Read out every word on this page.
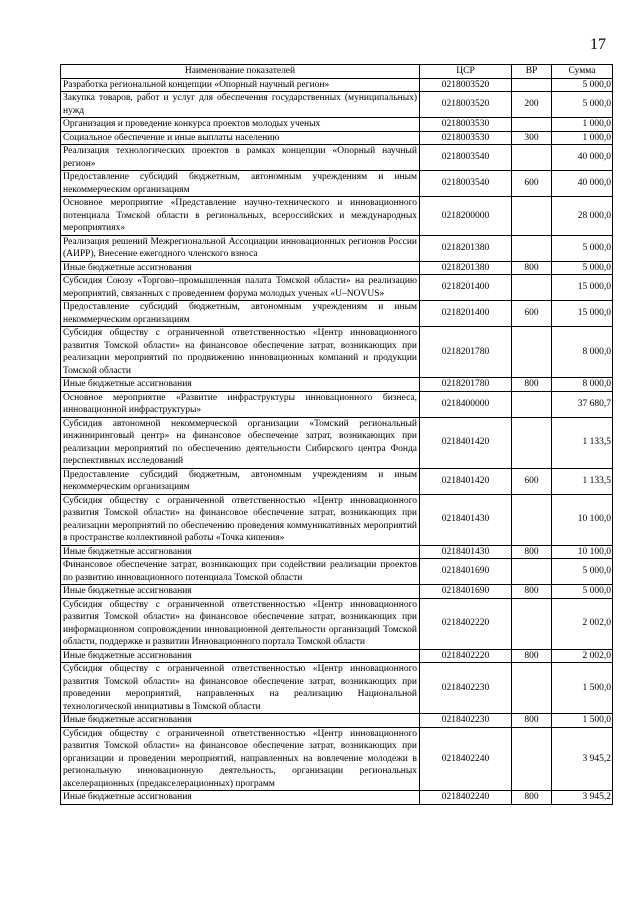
17
Наименование показателей	ЦСР	ВР	Сумма
Разработка региональной концепции «Опорный научный регион»	0218003520		5 000,0
Закупка товаров, работ и услуг для обеспечения государственных (муниципальных) нужд	0218003520	200	5 000,0
Организация и проведение конкурса проектов молодых ученых	0218003530		1 000,0
Социальное обеспечение и иные выплаты населению	0218003530	300	1 000,0
Реализация технологических проектов в рамках концепции «Опорный научный регион»	0218003540		40 000,0
Предоставление субсидий бюджетным, автономным учреждениям и иным некоммерческим организациям	0218003540	600	40 000,0
Основное мероприятие «Представление научно-технического и инновационного потенциала Томской области в региональных, всероссийских и международных мероприятиях»	0218200000		28 000,0
Реализация решений Межрегиональной Ассоциации инновационных регионов России (АИРР), Внесение ежегодного членского взноса	0218201380		5 000,0
Иные бюджетные ассигнования	0218201380	800	5 000,0
Субсидия Союзу «Торгово–промышленная палата Томской области» на реализацию мероприятий, связанных с проведением форума молодых ученых «U–NOVUS»	0218201400		15 000,0
Предоставление субсидий бюджетным, автономным учреждениям и иным некоммерческим организациям	0218201400	600	15 000,0
Субсидия обществу с ограниченной ответственностью «Центр инновационного развития Томской области» на финансовое обеспечение затрат, возникающих при реализации мероприятий по продвижению инновационных компаний и продукции Томской области	0218201780		8 000,0
Иные бюджетные ассигнования	0218201780	800	8 000,0
Основное мероприятие «Развитие инфраструктуры инновационного бизнеса, инновационной инфраструктуры»	0218400000		37 680,7
Субсидия автономной некоммерческой организации «Томский региональный инжиниринговый центр» на финансовое обеспечение затрат, возникающих при реализации мероприятий по обеспечению деятельности Сибирского центра Фонда перспективных исследований	0218401420		1 133,5
Предоставление субсидий бюджетным, автономным учреждениям и иным некоммерческим организациям	0218401420	600	1 133,5
Субсидия обществу с ограниченной ответственностью «Центр инновационного развития Томской области» на финансовое обеспечение затрат, возникающих при реализации мероприятий по обеспечению проведения коммуникативных мероприятий в пространстве коллективной работы «Точка кипения»	0218401430		10 100,0
Иные бюджетные ассигнования	0218401430	800	10 100,0
Финансовое обеспечение затрат, возникающих при содействии реализации проектов по развитию инновационного потенциала Томской области	0218401690		5 000,0
Иные бюджетные ассигнования	0218401690	800	5 000,0
Субсидия обществу с ограниченной ответственностью «Центр инновационного развития Томской области» на финансовое обеспечение затрат, возникающих при информационном сопровождении инновационной деятельности организаций Томской области, поддержке и развитии Инновационного портала Томской области	0218402220		2 002,0
Иные бюджетные ассигнования	0218402220	800	2 002,0
Субсидия обществу с ограниченной ответственностью «Центр инновационного развития Томской области» на финансовое обеспечение затрат, возникающих при проведении мероприятий, направленных на реализацию Национальной технологической инициативы в Томской области	0218402230		1 500,0
Иные бюджетные ассигнования	0218402230	800	1 500,0
Субсидия обществу с ограниченной ответственностью «Центр инновационного развития Томской области» на финансовое обеспечение затрат, возникающих при организации и проведении мероприятий, направленных на вовлечение молодежи в региональную инновационную деятельность, организации региональных акселерационных (предакселерационных) программ	0218402240		3 945,2
Иные бюджетные ассигнования	0218402240	800	3 945,2
